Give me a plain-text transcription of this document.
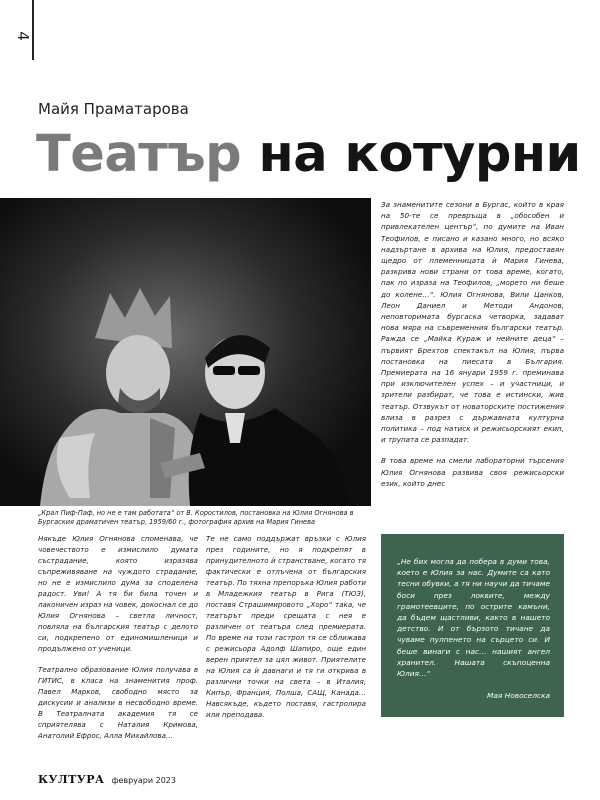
4
Майя Праматарова
Театър на котурни
„Крал Пиф-Паф, но не е там работата“ от В. Коростилов, постановка на Юлия Огнянова в Бургаския драматичен театър, 1959/60 г., фотография архив на Мария Гинева

За знаменитите сезони в Бургас, който в края на 50-те се превръща в „обособен и привлекателен център“, по думите на Иван Теофилов, е писано и казано много, но всяко надзъртане в архива на Юлия, предоставян щедро от племенницата ѝ Мария Гинева, разкрива нови страни от това време, когато, пак по израза на Теофилов, „морето ни беше до колене…“. Юлия Огнянова, Вили Цанков, Леон Даниел и Методи Андонов, неповторимата бургаска четворка, задават нова мяра на съвременния български театър. Ражда се „Майка Кураж и нейните деца“ – първият Брехтов спектакъл на Юлия, първа постановка на пиесата в България. Премиерата на 16 януари 1959 г. преминава при изключителен успех – и участници, и зрители разбират, че това е истински, жив театър. Отзвукът от новаторските постижения влиза в разрез с държавната културна политика – под натиск и режисьорският екип, и трупата се разпадат.

В това време на смели лабораторни търсения Юлия Огнянова развива своя режисьорски език, който днес

Някъде Юлия Огнянова споменава, че човечеството е измислило думата състрадание, която изразява съпреживяване на чуждото страдание, но не е измислило дума за споделена радост. Уви! А тя би била точен и лаконичен израз на човек, докоснал се до Юлия Огнянова – светла личност, повляла на българския театър с делото си, подкрепено от единомишленици и продължено от ученици.

Театрално образование Юлия получава в ГИТИС, в класа на знаменития проф. Павел Марков, свободно място за дискусии и анализи в несвободно време. В Театралната академия тя се сприятелява с Наталия Кримова, Анатолий Ефрос, Алла Михайлова…

Те не само поддържат връзки с Юлия през годините, но я подкрепят в принудителното ѝ странстване, когато тя фактически е отлъчена от българския театър. По тяхна препоръка Юлия работи в Младежкия театър в Рига (ТЮЗ), поставя Страшимировото „Хоро“ така, че театърът преди срещата с нея е различен от театъра след премиерата. По време на този гастрол тя се сближава с режисьора Адолф Шапиро, още един верен приятел за цял живот. Приятелите на Юлия са ѝ давнаги и тя ги открива в различни точки на света – в Италия, Кипър, Франция, Полша, САЩ, Канада… Навсякъде, където поставя, гастролира или преподава.

„Не бих могла да поберa в думи това, което е Юлия за нас. Думите са като тесни обувки, а тя ни научи да тичаме боси през локвите, между грамотеевците, по острите камъни, да бъдем щастливи, както в нашето детство. И от бързото тичане да чуваме пулпенето на сърцето си. И беше винаги с нас… нашият ангел хранител. Нашата скъпоценна Юлия…“
Мая Новоселска
КУЛТУРА февруари 2023
